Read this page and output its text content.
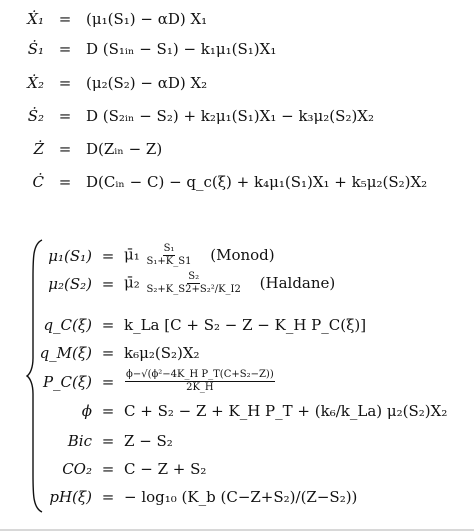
Ẋ₁ = (μ₁(S₁) − αD) X₁
Ṡ₁ = D (S₁ᵢₙ − S₁) − k₁μ₁(S₁)X₁
Ẋ₂ = (μ₂(S₂) − αD) X₂
Ṡ₂ = D (S₂ᵢₙ − S₂) + k₂μ₁(S₁)X₁ − k₃μ₂(S₂)X₂
Ż = D(Zᵢₙ − Z)
Ċ = D(Cᵢₙ − C) − q_c(ξ) + k₄μ₁(S₁)X₁ + k₅μ₂(S₂)X₂
μ₁(S₁) = μ̄₁ $\frac{\text{S₁}}{\text{S₁+K\_S1}}$ (Monod)
μ₂(S₂) = μ̄₂ $\frac{\text{S₂}}{\text{S₂+K\_S2+S₂²/K\_I2}}$ (Haldane)
q_C(ξ) = k_La [C + S₂ − Z − K_H P_C(ξ)]
q_M(ξ) = k₆μ₂(S₂)X₂
P_C(ξ) =	$\frac{\text{ϕ−√(ϕ²−4K\_H P\_T(C+S₂−Z))}}{2K\_H}$
ϕ = C + S₂ − Z + K_H P_T + (k₆/k_La) μ₂(S₂)X₂
Bic = Z − S₂
CO₂ = C − Z + S₂
pH(ξ) = − log₁₀ (K_b (C−Z+S₂)/(Z−S₂))
